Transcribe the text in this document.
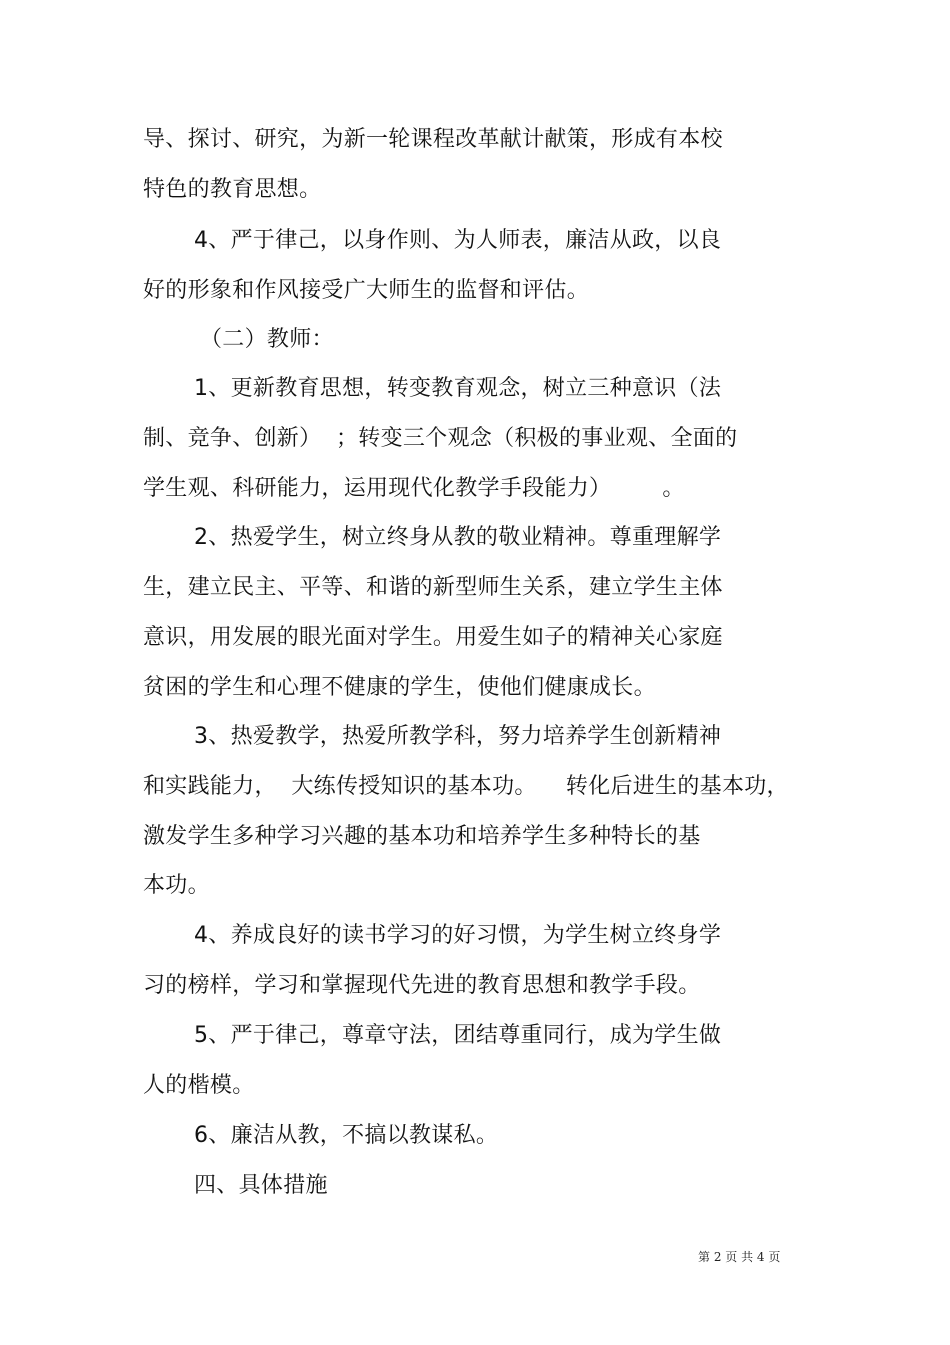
导、探讨、研究，为新一轮课程改革献计献策，形成有本校
特色的教育思想。
4、严于律己，以身作则、为人师表，廉洁从政，以良
好的形象和作风接受广大师生的监督和评估。
（二）教师：
1、更新教育思想，转变教育观念，树立三种意识（法
制、竞争、创新）  ；转变三个观念（积极的事业观、全面的
学生观、科研能力，运用现代化教学手段能力）       。
2、热爱学生，树立终身从教的敬业精神。尊重理解学
生，建立民主、平等、和谐的新型师生关系，建立学生主体
意识，用发展的眼光面对学生。用爱生如子的精神关心家庭
贫困的学生和心理不健康的学生，使他们健康成长。
3、热爱教学，热爱所教学科，努力培养学生创新精神
和实践能力，  大练传授知识的基本功。    转化后进生的基本功，
激发学生多种学习兴趣的基本功和培养学生多种特长的基
本功。
4、养成良好的读书学习的好习惯，为学生树立终身学
习的榜样，学习和掌握现代先进的教育思想和教学手段。
5、严于律己，尊章守法，团结尊重同行，成为学生做
人的楷模。
6、廉洁从教，不搞以教谋私。
四、具体措施
第 2 页 共 4 页
